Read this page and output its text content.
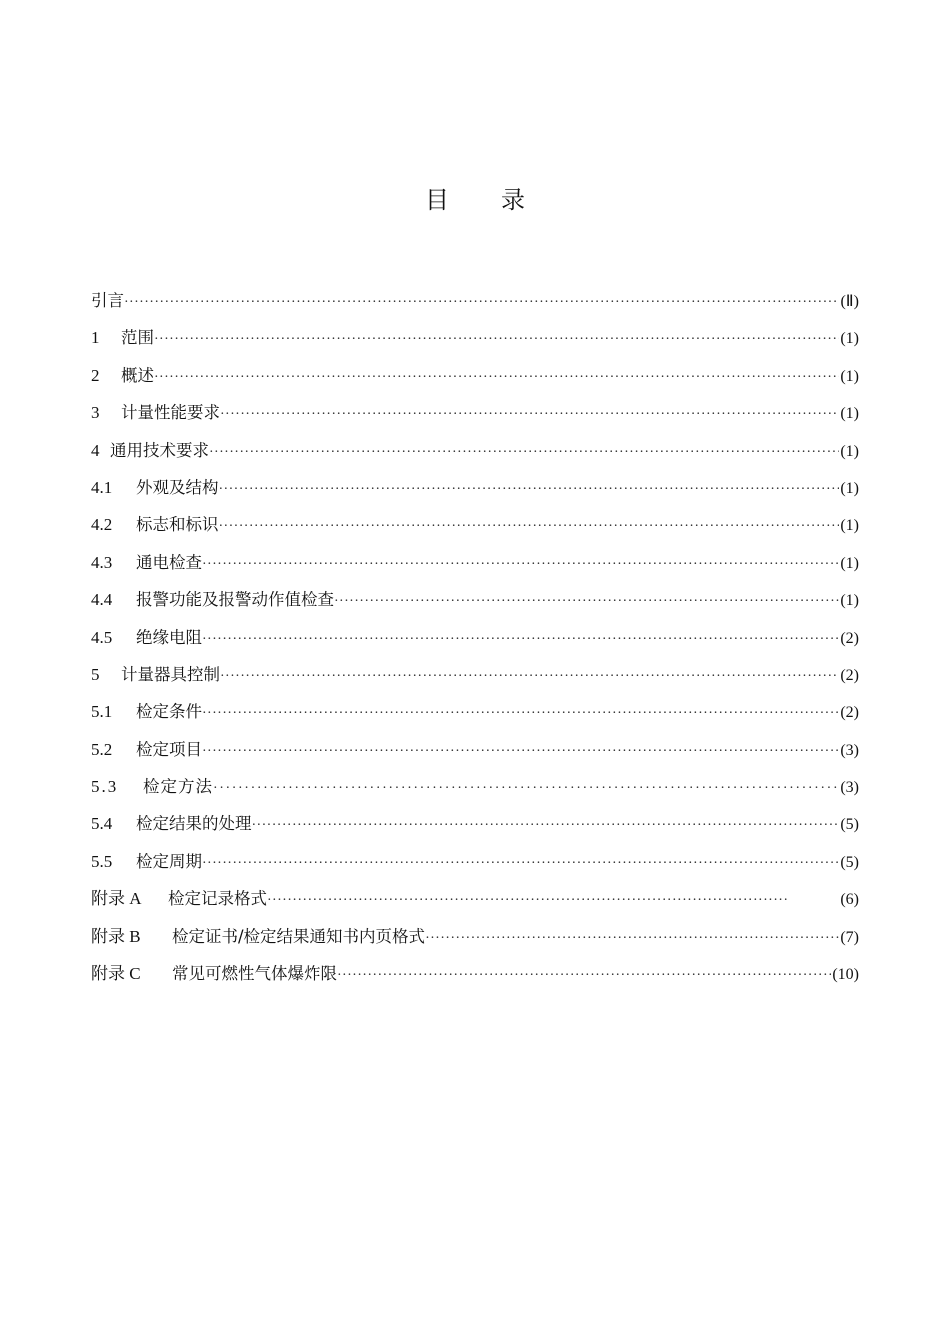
目 录
引言 ·····	(Ⅱ)
1	范围 ·····	(1)
2	概述 ·····	(1)
3	计量性能要求 ·····	(1)
4 通用技术要求 ·····	(1)
4.1	外观及结构 ·····	(1)
4.2	标志和标识 ·····	(1)
4.3	通电检查 ·····	(1)
4.4	报警功能及报警动作值检查 ·····	(1)
4.5	绝缘电阻 ·····	(2)
5	计量器具控制 ·····	(2)
5.1	检定条件 ·····	(2)
5.2	检定项目 ·····	(3)
5.3	检定方法 ·····	(3)
5.4	检定结果的处理 ·····	(5)
5.5	检定周期 ·····	(5)
附录 A	检定记录格式 ·····	(6)
附录 B	检定证书/检定结果通知书内页格式 ·····	(7)
附录 C	常见可燃性气体爆炸限 ·····	(10)
